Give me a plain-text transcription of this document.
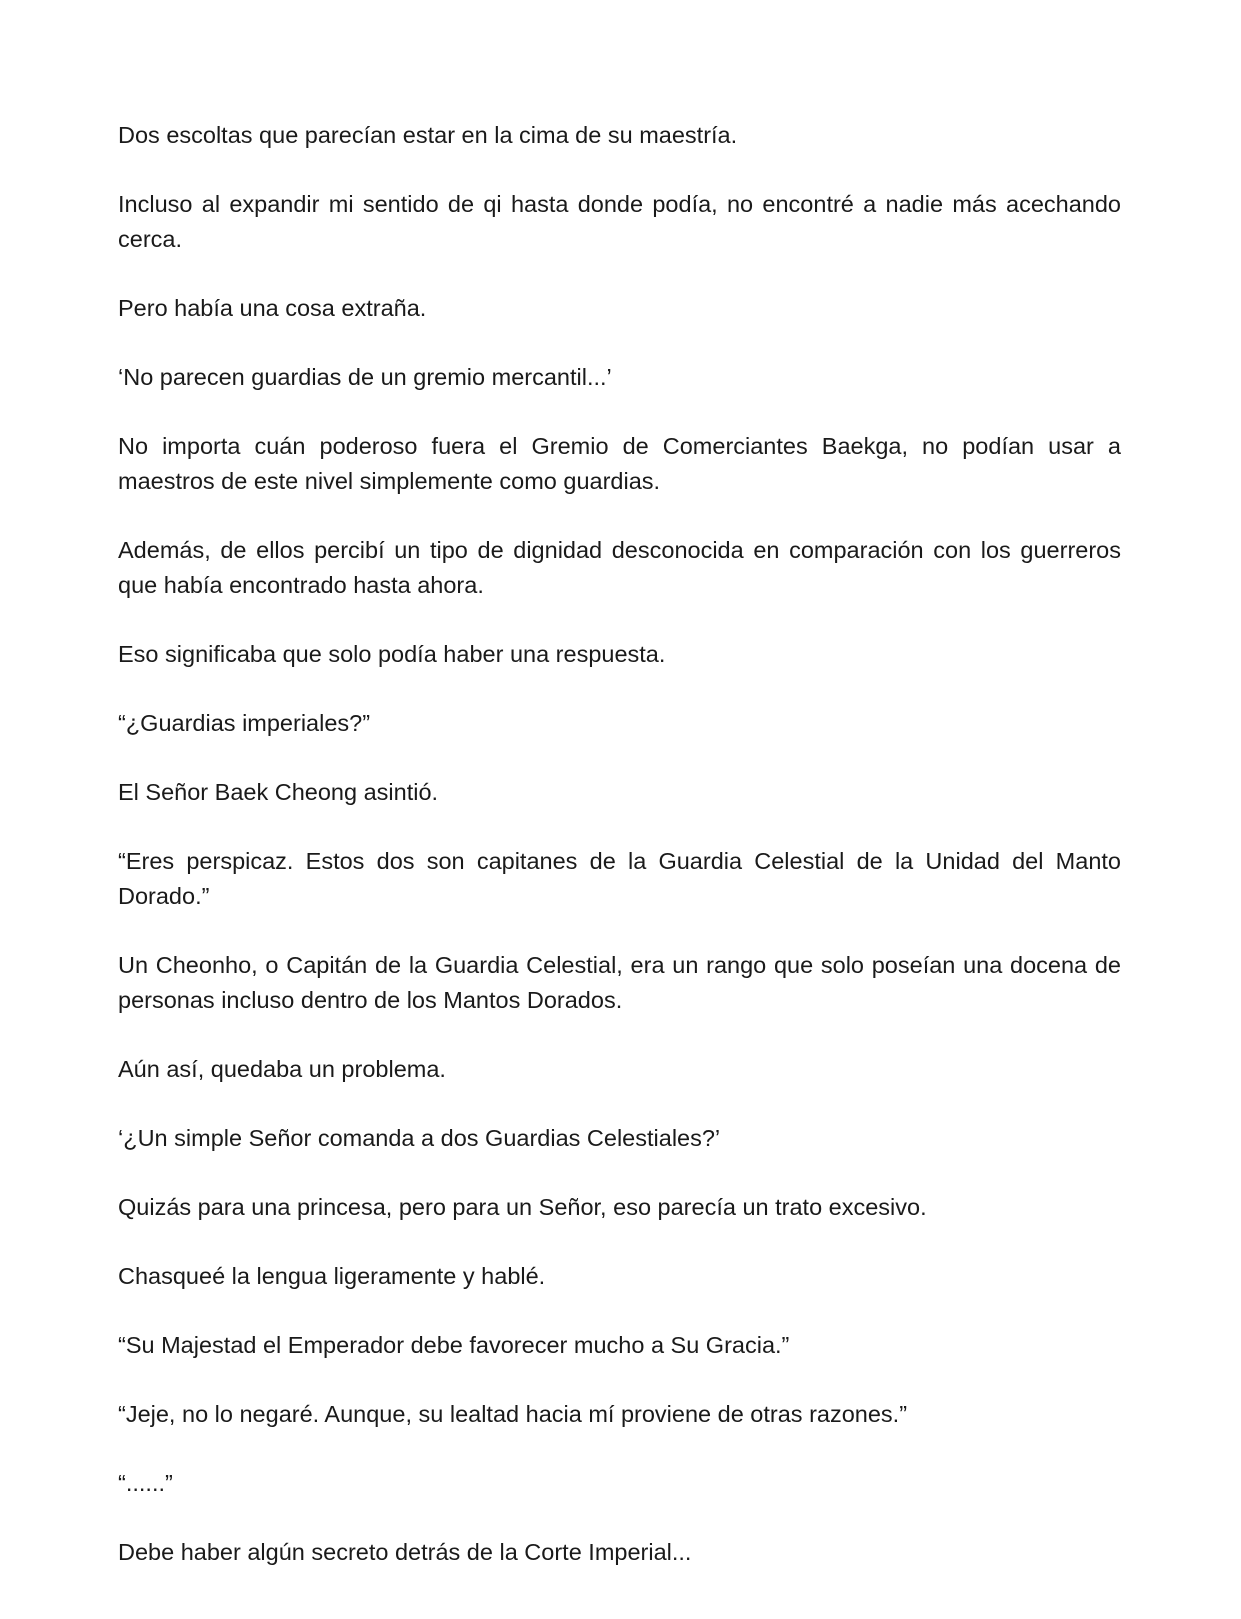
Dos escoltas que parecían estar en la cima de su maestría.

Incluso al expandir mi sentido de qi hasta donde podía, no encontré a nadie más acechando cerca.

Pero había una cosa extraña.

‘No parecen guardias de un gremio mercantil...’

No importa cuán poderoso fuera el Gremio de Comerciantes Baekga, no podían usar a maestros de este nivel simplemente como guardias.

Además, de ellos percibí un tipo de dignidad desconocida en comparación con los guerreros que había encontrado hasta ahora.

Eso significaba que solo podía haber una respuesta.

“¿Guardias imperiales?”

El Señor Baek Cheong asintió.

“Eres perspicaz. Estos dos son capitanes de la Guardia Celestial de la Unidad del Manto Dorado.”

Un Cheonho, o Capitán de la Guardia Celestial, era un rango que solo poseían una docena de personas incluso dentro de los Mantos Dorados.

Aún así, quedaba un problema.

‘¿Un simple Señor comanda a dos Guardias Celestiales?’

Quizás para una princesa, pero para un Señor, eso parecía un trato excesivo.

Chasqueé la lengua ligeramente y hablé.

“Su Majestad el Emperador debe favorecer mucho a Su Gracia.”

“Jeje, no lo negaré. Aunque, su lealtad hacia mí proviene de otras razones.”

“......”

Debe haber algún secreto detrás de la Corte Imperial...
